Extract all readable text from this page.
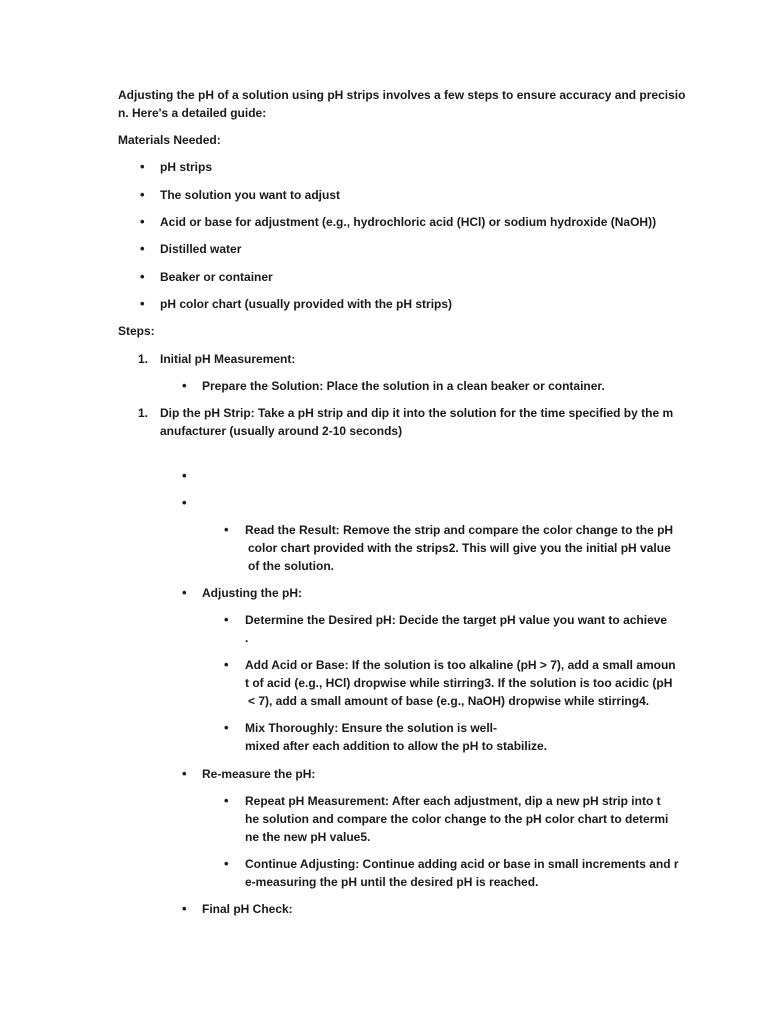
Adjusting the pH of a solution using pH strips involves a few steps to ensure accuracy and precisio
n. Here's a detailed guide:
Materials Needed:
• pH strips
• The solution you want to adjust
• Acid or base for adjustment (e.g., hydrochloric acid (HCl) or sodium hydroxide (NaOH))
• Distilled water
• Beaker or container
• pH color chart (usually provided with the pH strips)
Steps:
1. Initial pH Measurement:
• Prepare the Solution: Place the solution in a clean beaker or container.
1. Dip the pH Strip: Take a pH strip and dip it into the solution for the time specified by the m
anufacturer (usually around 2-10 seconds)
•
•
• Read the Result: Remove the strip and compare the color change to the pH
color chart provided with the strips2. This will give you the initial pH value
of the solution.
• Adjusting the pH:
• Determine the Desired pH: Decide the target pH value you want to achieve
.
• Add Acid or Base: If the solution is too alkaline (pH > 7), add a small amoun
t of acid (e.g., HCl) dropwise while stirring3. If the solution is too acidic (pH
< 7), add a small amount of base (e.g., NaOH) dropwise while stirring4.
• Mix Thoroughly: Ensure the solution is well-
mixed after each addition to allow the pH to stabilize.
• Re-measure the pH:
• Repeat pH Measurement: After each adjustment, dip a new pH strip into t
he solution and compare the color change to the pH color chart to determi
ne the new pH value5.
• Continue Adjusting: Continue adding acid or base in small increments and r
e-measuring the pH until the desired pH is reached.
• Final pH Check:
